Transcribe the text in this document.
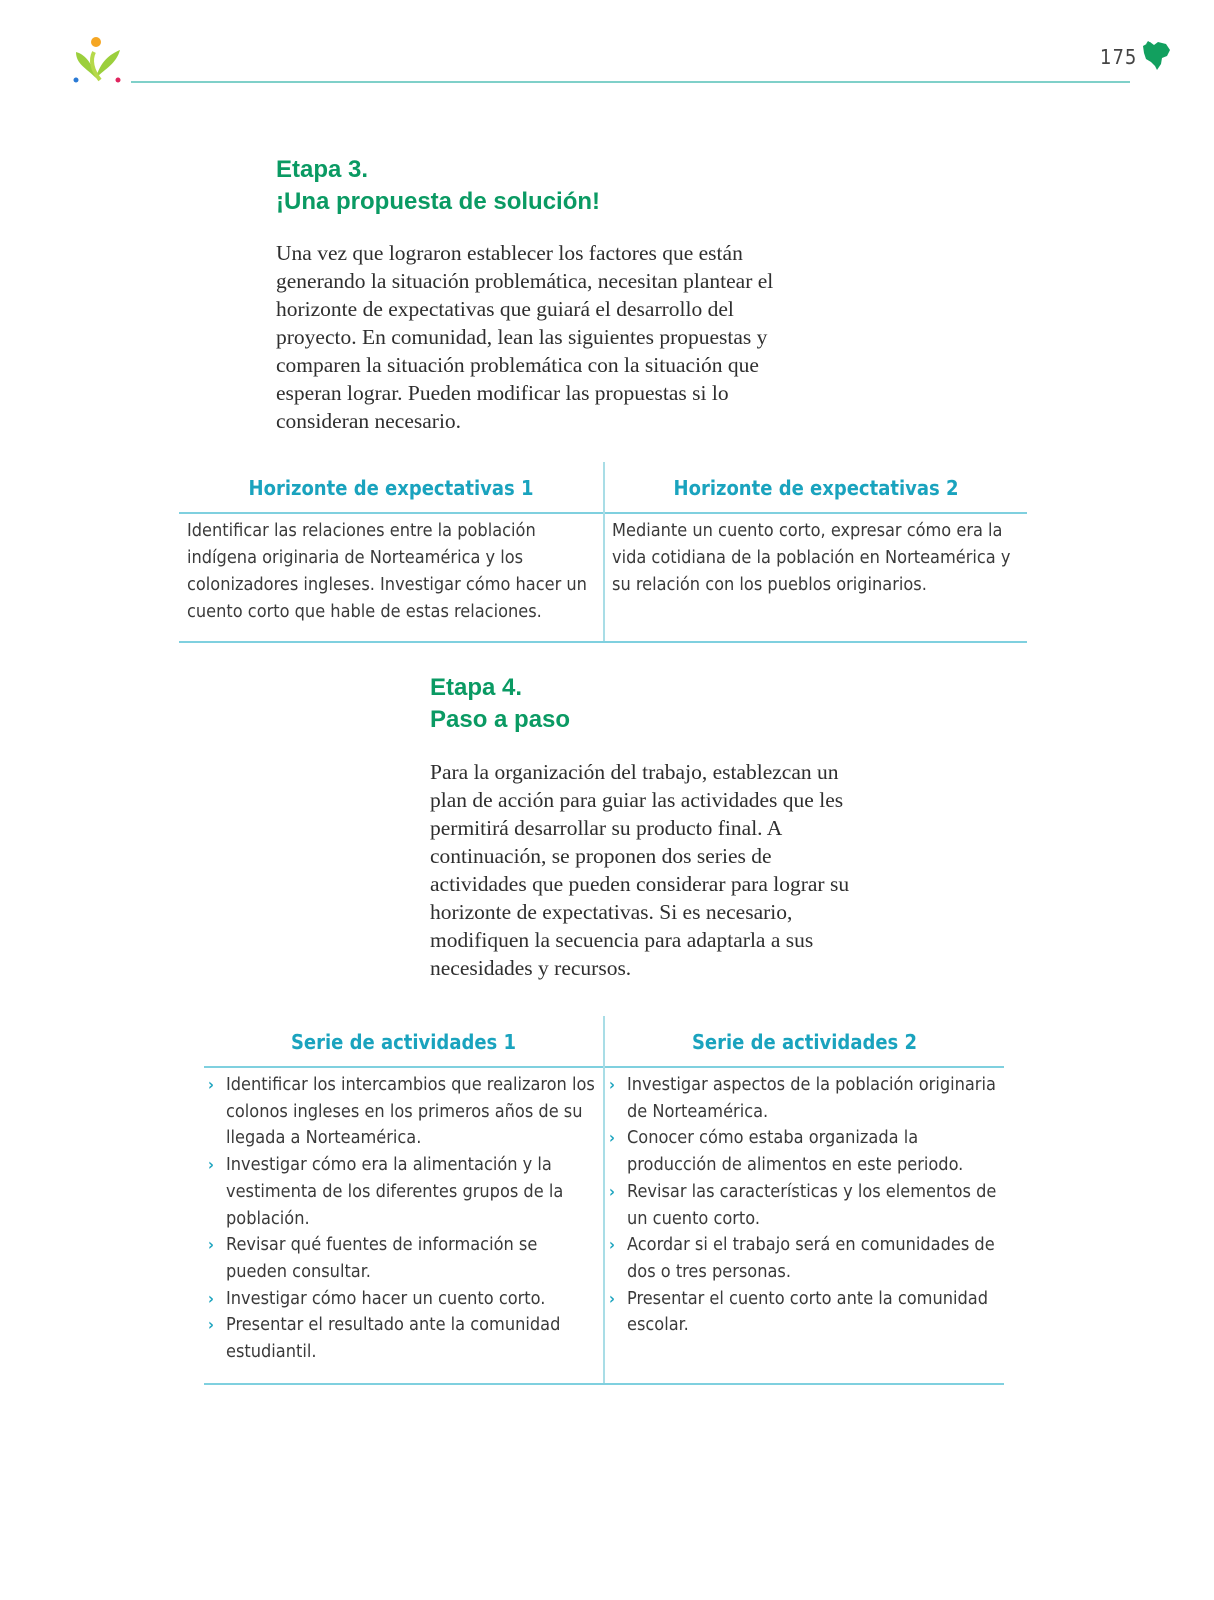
175
Etapa 3.
¡Una propuesta de solución!

Una vez que lograron establecer los factores que están generando la situación problemática, necesitan plantear el horizonte de expectativas que guiará el desarrollo del proyecto. En comunidad, lean las siguientes propuestas y comparen la situación problemática con la situación que esperan lograr. Pueden modificar las propuestas si lo consideran necesario.

Horizonte de expectativas 1

Identificar las relaciones entre la población indígena originaria de Norteamérica y los colonizadores ingleses. Investigar cómo hacer un cuento corto que hable de estas relaciones.

Horizonte de expectativas 2

Mediante un cuento corto, expresar cómo era la vida cotidiana de la población en Norteamérica y su relación con los pueblos originarios.

Etapa 4.
Paso a paso

Para la organización del trabajo, establezcan un plan de acción para guiar las actividades que les permitirá desarrollar su producto final. A continuación, se proponen dos series de actividades que pueden considerar para lograr su horizonte de expectativas. Si es necesario, modifiquen la secuencia para adaptarla a sus necesidades y recursos.

Serie de actividades 1
› Identificar los intercambios que realizaron los colonos ingleses en los primeros años de su llegada a Norteamérica.
› Investigar cómo era la alimentación y la vestimenta de los diferentes grupos de la población.
› Revisar qué fuentes de información se pueden consultar.
› Investigar cómo hacer un cuento corto.
› Presentar el resultado ante la comunidad estudiantil.
Serie de actividades 2
› Investigar aspectos de la población originaria de Norteamérica.
› Conocer cómo estaba organizada la producción de alimentos en este periodo.
› Revisar las características y los elementos de un cuento corto.
› Acordar si el trabajo será en comunidades de dos o tres personas.
› Presentar el cuento corto ante la comunidad escolar.
